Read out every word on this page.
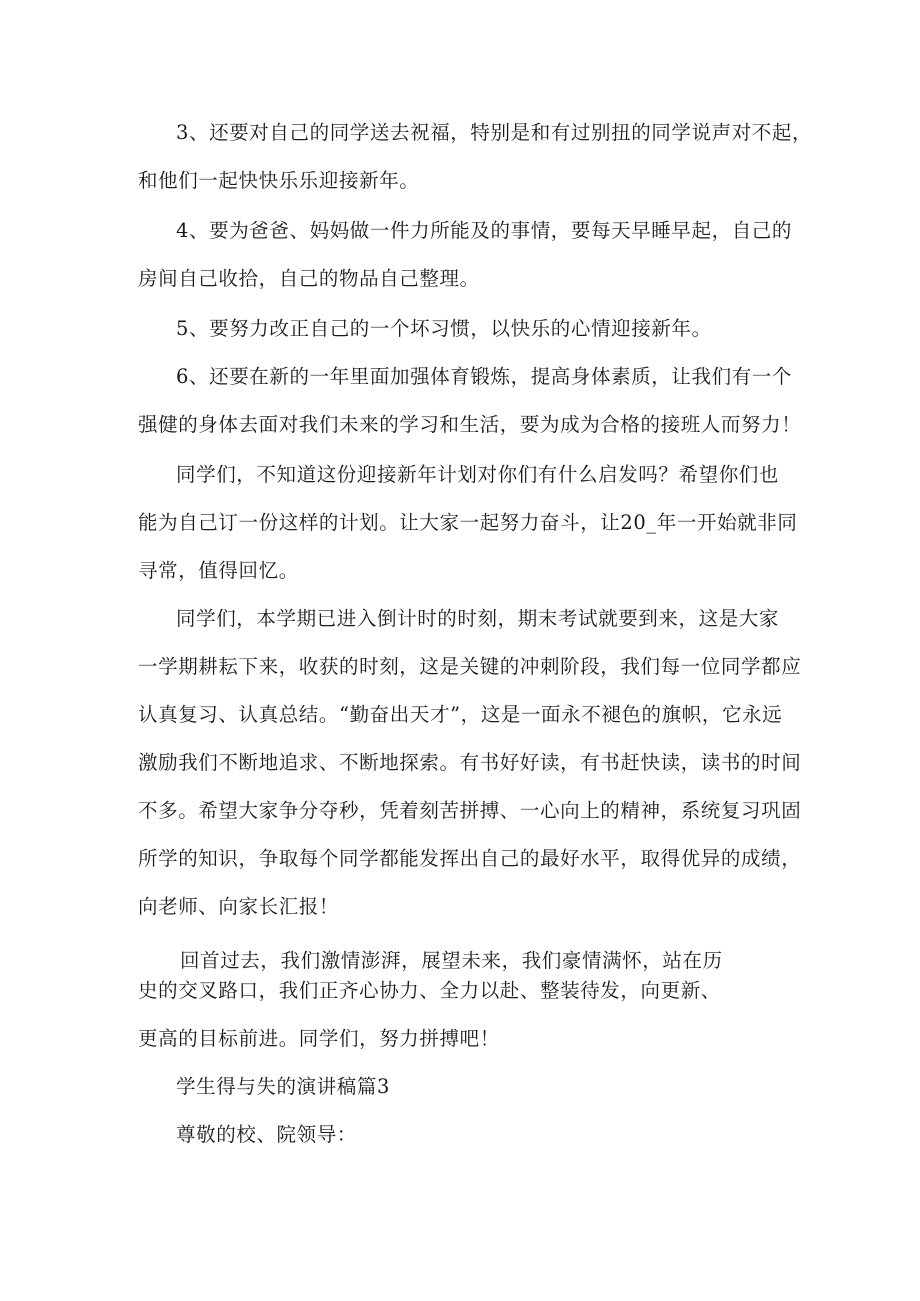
3、还要对自己的同学送去祝福，特别是和有过别扭的同学说声对不起，
和他们一起快快乐乐迎接新年。
4、要为爸爸、妈妈做一件力所能及的事情，要每天早睡早起，自己的
房间自己收拾，自己的物品自己整理。
5、要努力改正自己的一个坏习惯，以快乐的心情迎接新年。
6、还要在新的一年里面加强体育锻炼，提高身体素质，让我们有一个
强健的身体去面对我们未来的学习和生活，要为成为合格的接班人而努力！
同学们，不知道这份迎接新年计划对你们有什么启发吗？希望你们也
能为自己订一份这样的计划。让大家一起努力奋斗，让20_年一开始就非同
寻常，值得回忆。
同学们，本学期已进入倒计时的时刻，期末考试就要到来，这是大家
一学期耕耘下来，收获的时刻，这是关键的冲刺阶段，我们每一位同学都应
认真复习、认真总结。“勤奋出天才”，这是一面永不褪色的旗帜，它永远
激励我们不断地追求、不断地探索。有书好好读，有书赶快读，读书的时间
不多。希望大家争分夺秒，凭着刻苦拼搏、一心向上的精神，系统复习巩固
所学的知识，争取每个同学都能发挥出自己的最好水平，取得优异的成绩，
向老师、向家长汇报！
回首过去，我们激情澎湃，展望未来，我们豪情满怀，站在历
史的交叉路口，我们正齐心协力、全力以赴、整装待发，向更新、
更高的目标前进。同学们，努力拼搏吧！
学生得与失的演讲稿篇3
尊敬的校、院领导：
